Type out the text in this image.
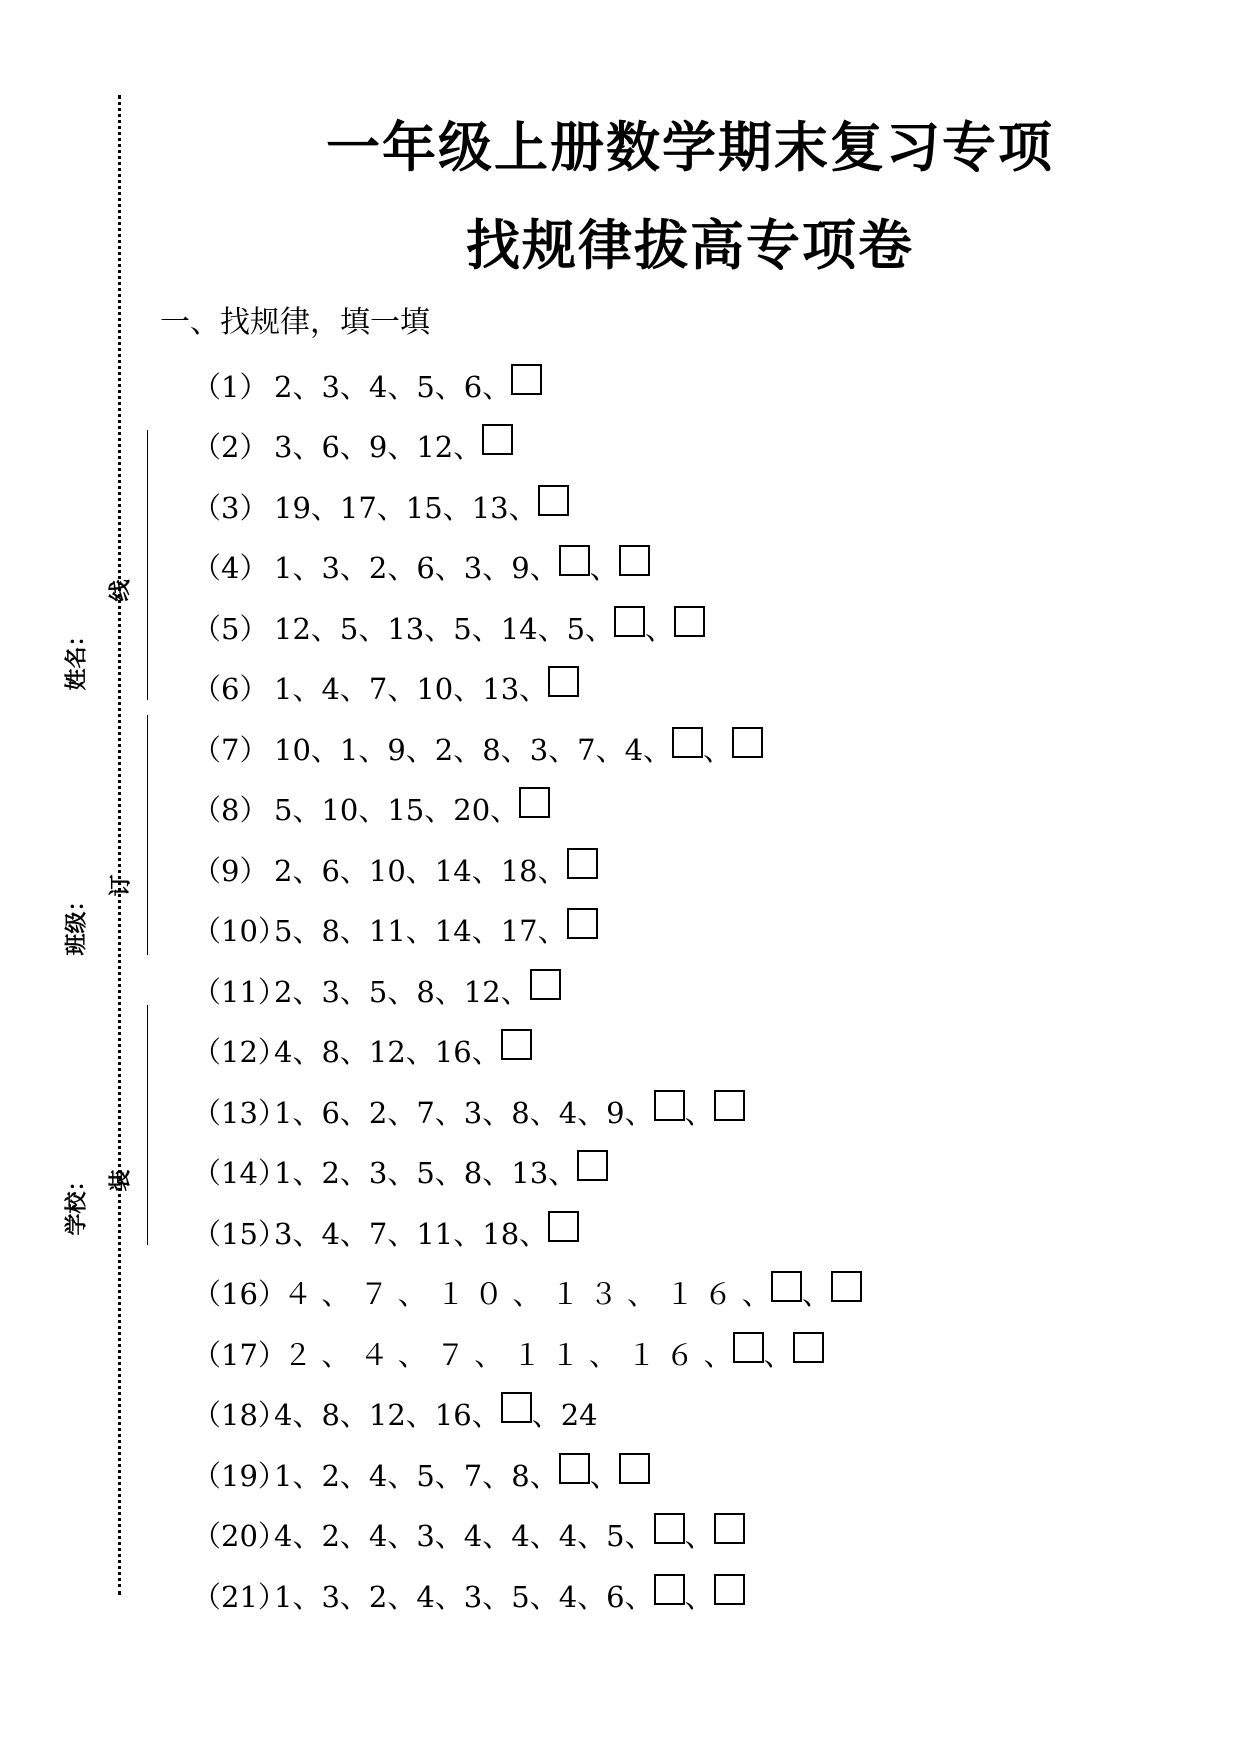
线
订
装
姓名：
班级：
学校：
一年级上册数学期末复习专项
找规律拔高专项卷
一、找规律，填一填
（1） 2、3、4、5、6、
（2） 3、6、9、12、
（3） 19、17、15、13、
（4） 1、3、2、6、3、9、 、
（5） 12、5、13、5、14、5、 、
（6） 1、4、7、10、13、
（7） 10、1、9、2、8、3、7、4、 、
（8） 5、10、15、20、
（9） 2、6、10、14、18、
（10）
5、8、11、14、17、
（11）
2、3、5、8、12、
（12）
4、8、12、16、
（13）
1、6、2、7、3、8、4、9、 、
（14）
1、2、3、5、8、13、
（15）
3、4、7、11、18、
（16）
４ 、 ７ 、 １ ０ 、 １ ３ 、 １ ６ 、 、
（17）
２ 、 ４ 、 ７ 、 １ １ 、 １ ６ 、 、
（18）
4、8、12、16、 、24
（19）
1、2、4、5、7、8、 、
（20）
4、2、4、3、4、4、4、5、 、
（21）
1、3、2、4、3、5、4、6、 、
